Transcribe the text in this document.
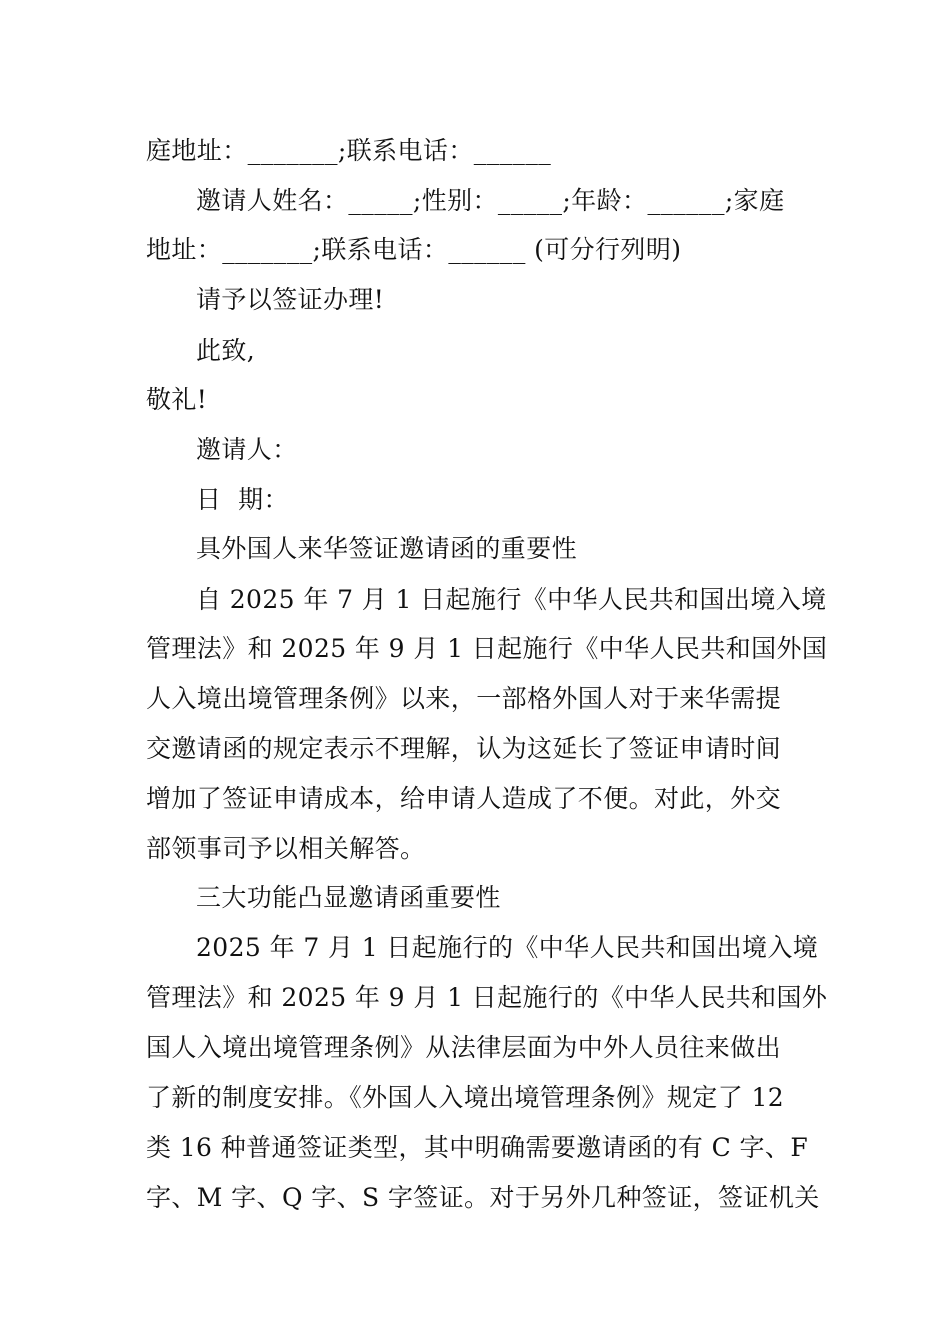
庭地址：_______;联系电话：______
邀请人姓名：_____;性别：_____;年龄：______;家庭
地址：_______;联系电话：______ (可分行列明)
请予以签证办理!
此致,
敬礼!
邀请人：
日  期：
具外国人来华签证邀请函的重要性
自 2025 年 7 月 1 日起施行《中华人民共和国出境入境
管理法》和 2025 年 9 月 1 日起施行《中华人民共和国外国
人入境出境管理条例》以来，一部格外国人对于来华需提
交邀请函的规定表示不理解，认为这延长了签证申请时间
增加了签证申请成本，给申请人造成了不便。对此，外交
部领事司予以相关解答。
三大功能凸显邀请函重要性
2025 年 7 月 1 日起施行的《中华人民共和国出境入境
管理法》和 2025 年 9 月 1 日起施行的《中华人民共和国外
国人入境出境管理条例》从法律层面为中外人员往来做出
了新的制度安排。《外国人入境出境管理条例》规定了 12
类 16 种普通签证类型，其中明确需要邀请函的有 C 字、F
字、M 字、Q 字、S 字签证。对于另外几种签证，签证机关
